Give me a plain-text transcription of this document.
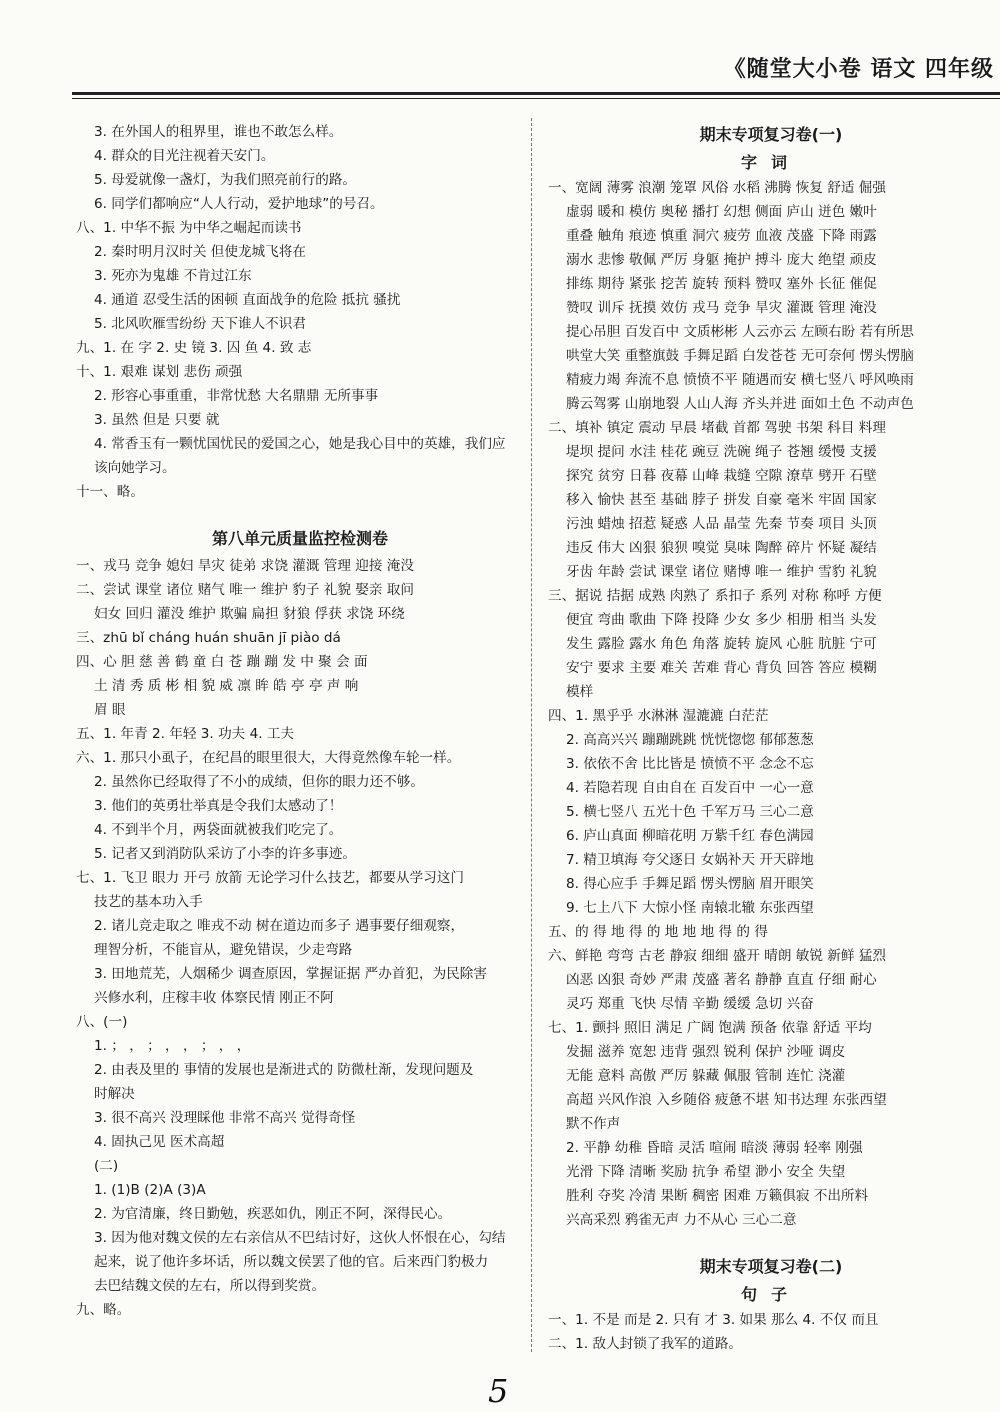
《随堂大小卷 语文 四年级
3. 在外国人的租界里，谁也不敢怎么样。
4. 群众的目光注视着天安门。
5. 母爱就像一盏灯，为我们照亮前行的路。
6. 同学们都响应“人人行动，爱护地球”的号召。
八、1. 中华不振 为中华之崛起而读书
2. 秦时明月汉时关 但使龙城飞将在
3. 死亦为鬼雄 不肯过江东
4. 通道 忍受生活的困顿 直面战争的危险 抵抗 骚扰
5. 北风吹雁雪纷纷 天下谁人不识君
九、1. 在 字 2. 史 镜 3. 囚 鱼 4. 致 志
十、1. 艰难 谋划 悲伤 顽强
2. 形容心事重重，非常忧愁 大名鼎鼎 无所事事
3. 虽然 但是 只要 就
4. 常香玉有一颗忧国忧民的爱国之心，她是我心目中的英雄，我们应
该向她学习。
十一、略。
第八单元质量监控检测卷
一、戎马 竞争 媳妇 旱灾 徒弟 求饶 灌溉 管理 迎接 淹没
二、尝试 课堂 诸位 赌气 唯一 维护 豹子 礼貌 娶亲 取问
妇女 回归 灌没 维护 欺骗 扁担 豺狼 俘获 求饶 环绕
三、zhū bǐ cháng huán shuān jī piào dá
四、心 胆 慈 善 鹤 童 白 苍 蹦 蹦 发 中 聚 会 面
土 清 秀 质 彬 相 貌 威 凛 眸 皓 亭 亭 声 响
眉 眼
五、1. 年青 2. 年轻 3. 功夫 4. 工夫
六、1. 那只小虱子，在纪昌的眼里很大，大得竟然像车轮一样。
2. 虽然你已经取得了不小的成绩，但你的眼力还不够。
3. 他们的英勇壮举真是令我们太感动了！
4. 不到半个月，两袋面就被我们吃完了。
5. 记者又到消防队采访了小李的许多事迹。
七、1. 飞卫 眼力 开弓 放箭 无论学习什么技艺，都要从学习这门
技艺的基本功入手
2. 诸儿竞走取之 唯戎不动 树在道边而多子 遇事要仔细观察，
理智分析，不能盲从，避免错误，少走弯路
3. 田地荒芜，人烟稀少 调查原因，掌握证据 严办首犯，为民除害
兴修水利，庄稼丰收 体察民情 刚正不阿
八、(一)
1. ； ， ； ， ， ； ， ，
2. 由表及里的 事情的发展也是渐进式的 防微杜渐，发现问题及
时解决
3. 很不高兴 没理睬他 非常不高兴 觉得奇怪
4. 固执己见 医术高超
(二)
1. (1)B (2)A (3)A
2. 为官清廉，终日勤勉，疾恶如仇，刚正不阿，深得民心。
3. 因为他对魏文侯的左右亲信从不巴结讨好，这伙人怀恨在心，勾结
起来，说了他许多坏话，所以魏文侯罢了他的官。后来西门豹极力
去巴结魏文侯的左右，所以得到奖赏。
九、略。
期末专项复习卷(一)
字词
一、宽阔 薄雾 浪潮 笼罩 风俗 水稻 沸腾 恢复 舒适 倔强
虚弱 暖和 模仿 奥秘 播打 幻想 侧面 庐山 迸色 嫩叶
重叠 触角 痕迹 慎重 洞穴 疲劳 血液 茂盛 下降 雨露
溺水 悲惨 敬佩 严厉 身躯 掩护 搏斗 庞大 绝望 顽皮
排练 期待 紧张 挖苦 旋转 预料 赞叹 塞外 长征 催促
赞叹 训斥 抚摸 效仿 戎马 竞争 旱灾 灌溉 管理 淹没
提心吊胆 百发百中 文质彬彬 人云亦云 左顾右盼 若有所思
哄堂大笑 重整旗鼓 手舞足蹈 白发苍苍 无可奈何 愣头愣脑
精疲力竭 奔流不息 愤愤不平 随遇而安 横七竖八 呼风唤雨
腾云驾雾 山崩地裂 人山人海 齐头并进 面如土色 不动声色
二、填补 镇定 震动 早晨 堵截 首都 驾驶 书架 科目 料理
堤坝 提问 水洼 桂花 豌豆 洗碗 绳子 苍翘 缓慢 支援
探究 贫穷 日暮 夜幕 山峰 栽缝 空隙 潦草 劈开 石壁
移入 愉快 甚至 基础 脖子 拼发 自豪 毫米 牢固 国家
污浊 蜡烛 招惹 疑惑 人品 晶莹 先秦 节奏 项目 头顶
违反 伟大 凶狠 狼狈 嗅觉 臭味 陶醉 碎片 怀疑 凝结
牙齿 年龄 尝试 课堂 诸位 赌博 唯一 维护 雪豹 礼貌
三、据说 拮据 成熟 肉熟了 系扣子 系列 对称 称呼 方便
便宜 弯曲 歌曲 下降 投降 少女 多少 相册 相当 头发
发生 露脸 露水 角色 角落 旋转 旋风 心脏 肮脏 宁可
安宁 要求 主要 难关 苦难 背心 背负 回答 答应 模糊
模样
四、1. 黑乎乎 水淋淋 湿漉漉 白茫茫
2. 高高兴兴 蹦蹦跳跳 恍恍惚惚 郁郁葱葱
3. 依依不舍 比比皆是 愤愤不平 念念不忘
4. 若隐若现 自由自在 百发百中 一心一意
5. 横七竖八 五光十色 千军万马 三心二意
6. 庐山真面 柳暗花明 万紫千红 春色满园
7. 精卫填海 夸父逐日 女娲补天 开天辟地
8. 得心应手 手舞足蹈 愣头愣脑 眉开眼笑
9. 七上八下 大惊小怪 南辕北辙 东张西望
五、的 得 地 得 的 地 地 地 得 的 得
六、鲜艳 弯弯 古老 静寂 细细 盛开 晴朗 敏锐 新鲜 猛烈
凶恶 凶狠 奇妙 严肃 茂盛 著名 静静 直直 仔细 耐心
灵巧 郑重 飞快 尽情 辛勤 缓缓 急切 兴奋
七、1. 颤抖 照旧 满足 广阔 饱满 预备 依靠 舒适 平均
发掘 滋养 宽恕 违背 强烈 锐利 保护 沙哑 调皮
无能 意料 高傲 严厉 躲藏 佩服 管制 连忙 浇灌
高超 兴风作浪 入乡随俗 疲惫不堪 知书达理 东张西望
默不作声
2. 平静 幼稚 昏暗 灵活 喧闹 暗淡 薄弱 轻率 刚强
光滑 下降 清晰 奖励 抗争 希望 渺小 安全 失望
胜利 夺奖 冷清 果断 稠密 困难 万籁俱寂 不出所料
兴高采烈 鸦雀无声 力不从心 三心二意
期末专项复习卷(二)
句子
一、1. 不是 而是 2. 只有 才 3. 如果 那么 4. 不仅 而且
二、1. 敌人封锁了我军的道路。
5
